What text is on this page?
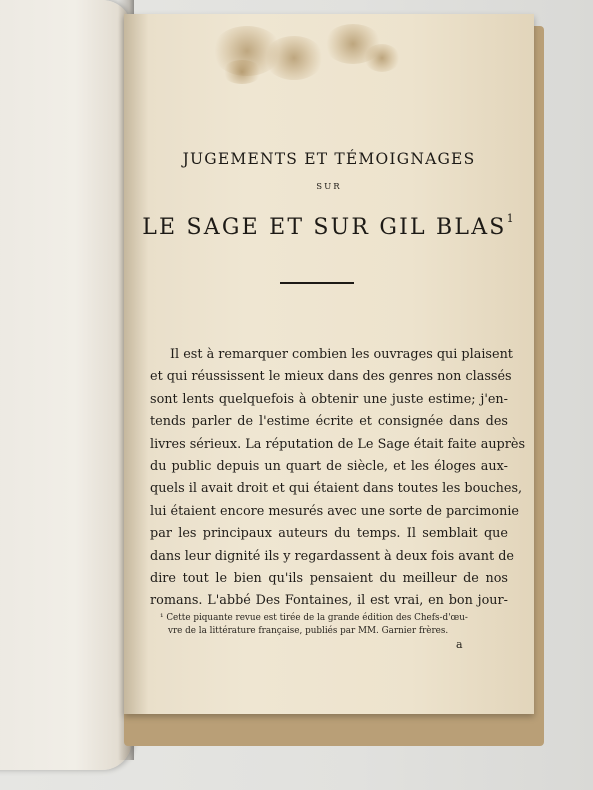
JUGEMENTS ET TÉMOIGNAGES
SUR
LE SAGE ET SUR GIL BLAS$^1$
Il est à remarquer combien les ouvrages qui plaisent
et qui réussissent le mieux dans des genres non classés
sont lents quelquefois à obtenir une juste estime; j'en-
tends parler de l'estime écrite et consignée dans des
livres sérieux. La réputation de Le Sage était faite auprès
du public depuis un quart de siècle, et les éloges aux-
quels il avait droit et qui étaient dans toutes les bouches,
lui étaient encore mesurés avec une sorte de parcimonie
par les principaux auteurs du temps. Il semblait que
dans leur dignité ils y regardassent à deux fois avant de
dire tout le bien qu'ils pensaient du meilleur de nos
romans. L'abbé Des Fontaines, il est vrai, en bon jour-
¹ Cette piquante revue est tirée de la grande édition des Chefs-d'œu-
vre de la littérature française, publiés par MM. Garnier frères.
a
